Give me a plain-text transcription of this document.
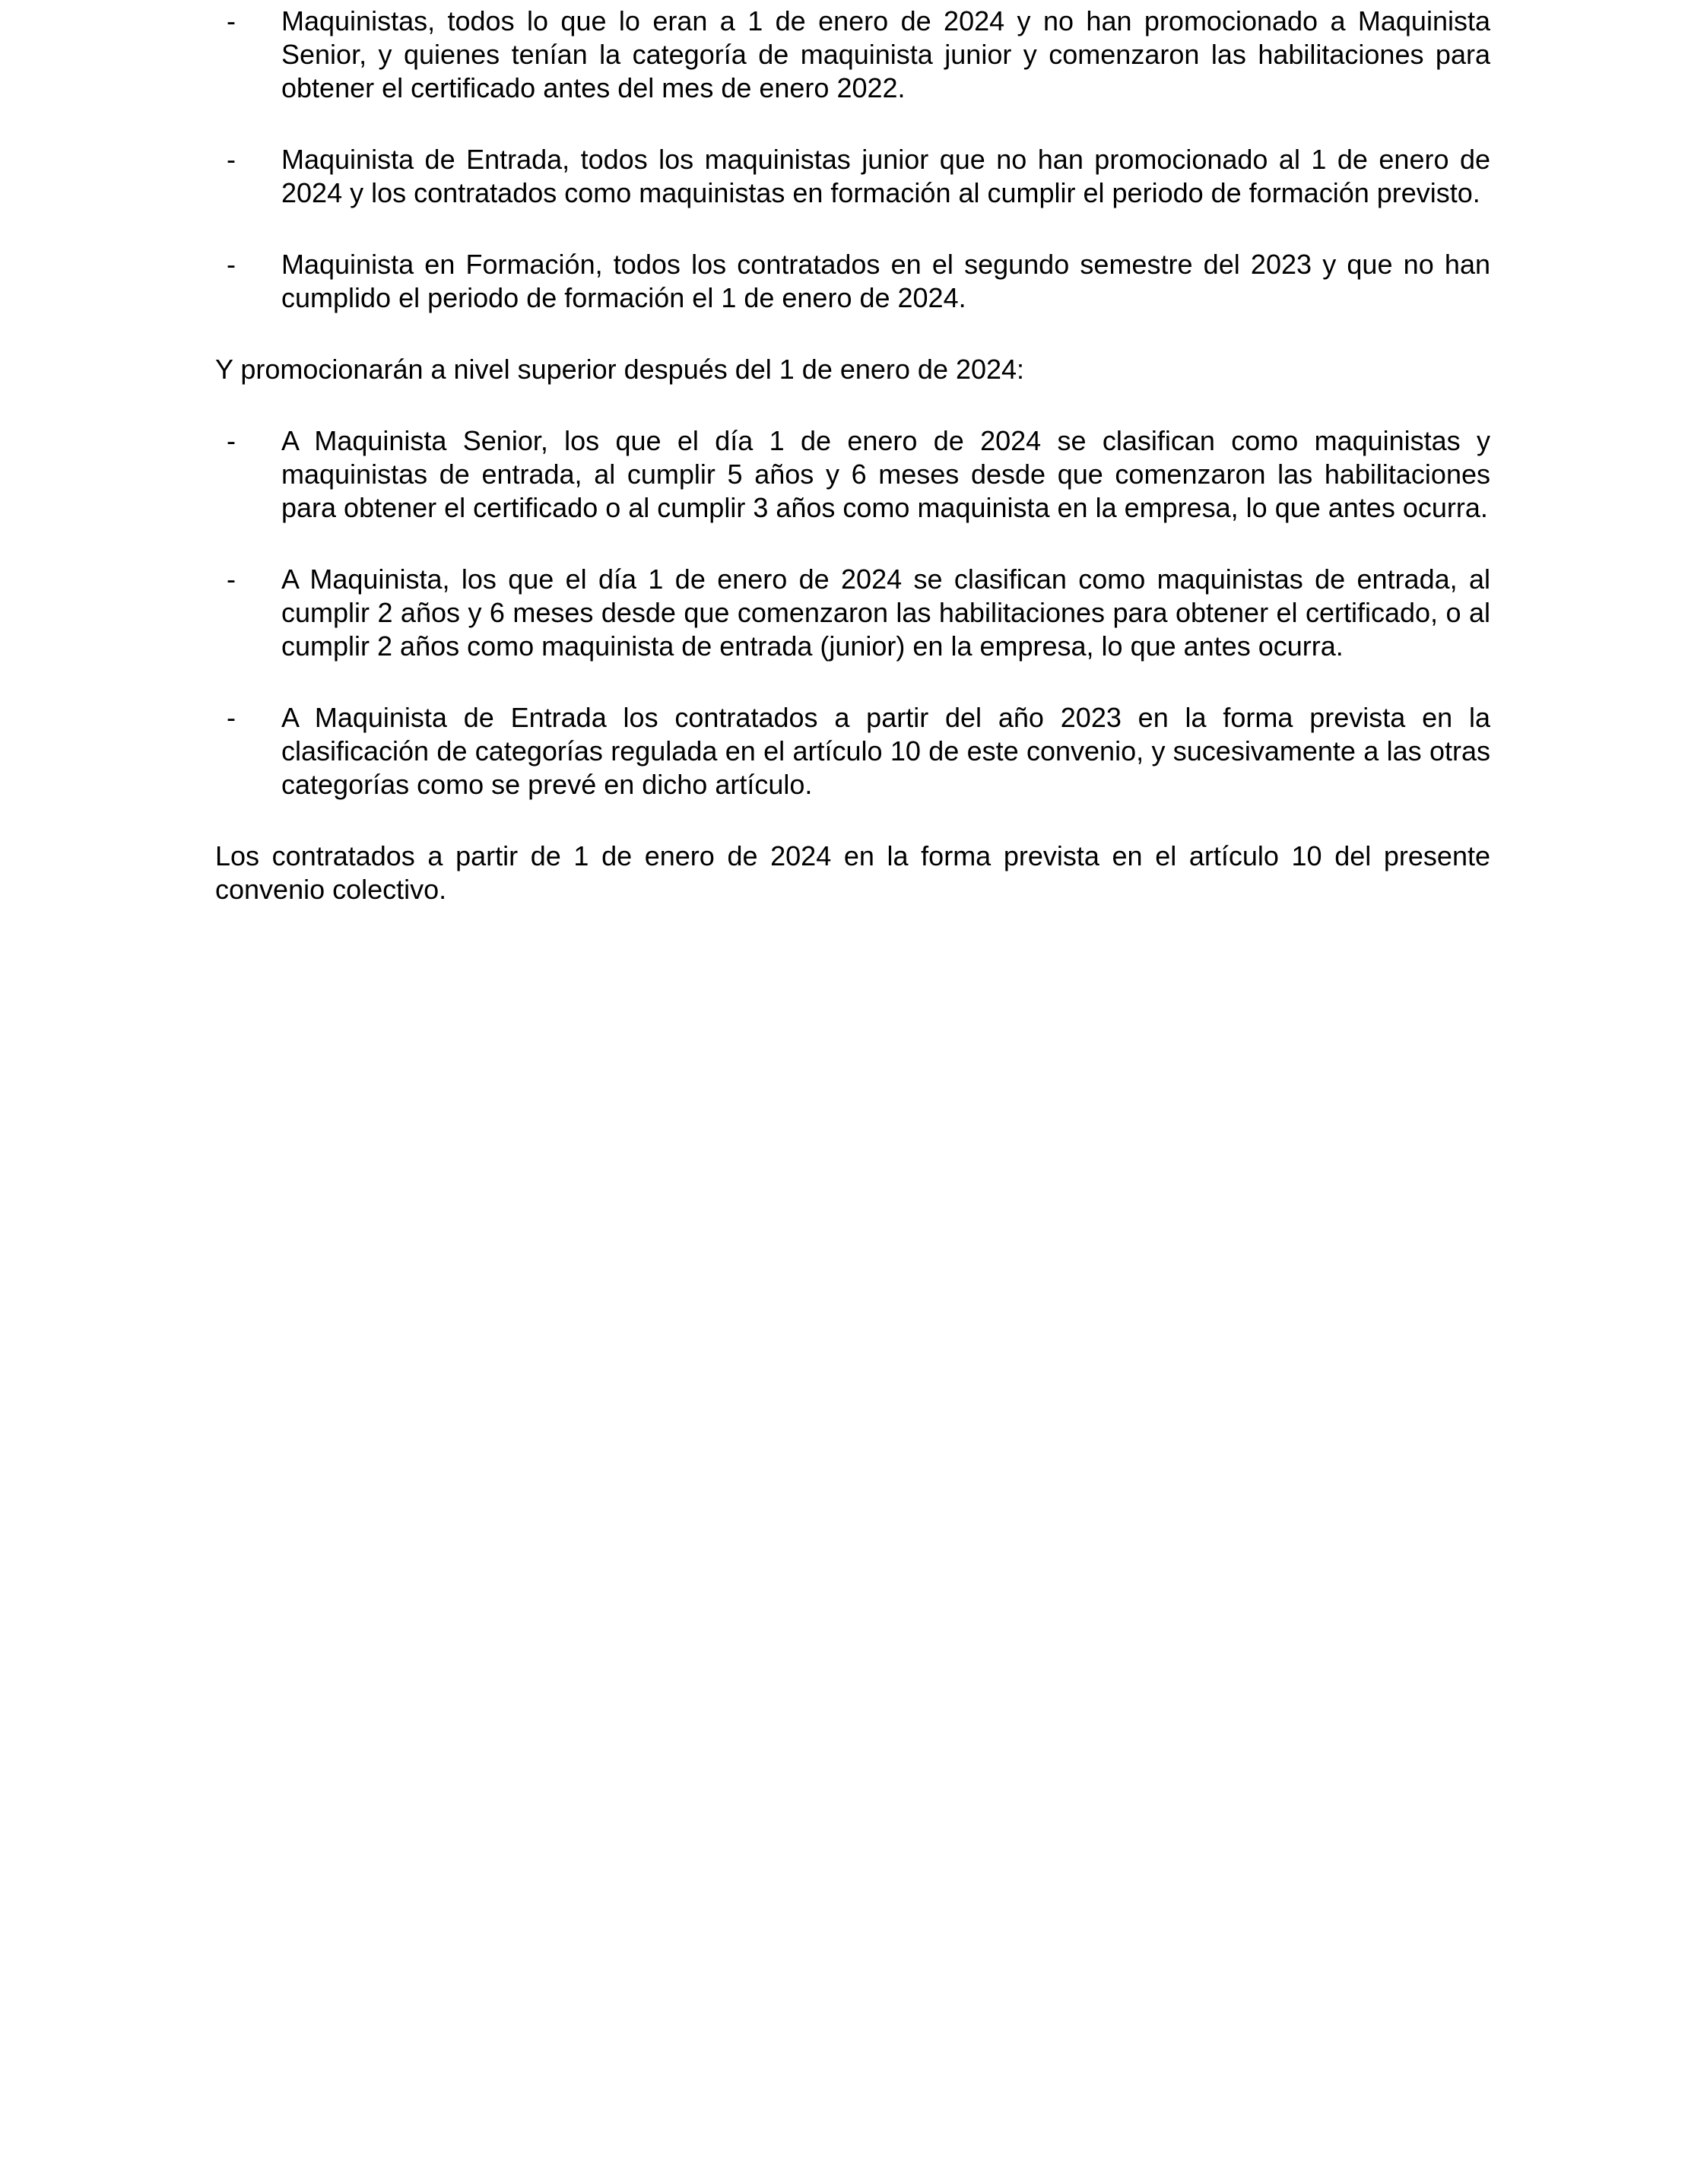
-	Maquinistas, todos lo que lo eran a 1 de enero de 2024 y no han promocionado a Maquinista Senior, y quienes tenían la categoría de maquinista junior y comenzaron las habilitaciones para obtener el certificado antes del mes de enero 2022.

-	Maquinista de Entrada, todos los maquinistas junior que no han promocionado al 1 de enero de 2024 y los contratados como maquinistas en formación al cumplir el periodo de formación previsto.

-	Maquinista en Formación, todos los contratados en el segundo semestre del 2023 y que no han cumplido el periodo de formación el 1 de enero de 2024.

Y promocionarán a nivel superior después del 1 de enero de 2024:

-	A Maquinista Senior, los que el día 1 de enero de 2024 se clasifican como maquinistas y maquinistas de entrada, al cumplir 5 años y 6 meses desde que comenzaron las habilitaciones para obtener el certificado o al cumplir 3 años como maquinista en la empresa, lo que antes ocurra.

-	A Maquinista, los que el día 1 de enero de 2024 se clasifican como maquinistas de entrada, al cumplir 2 años y 6 meses desde que comenzaron las habilitaciones para obtener el certificado, o al cumplir 2 años como maquinista de entrada (junior) en la empresa, lo que antes ocurra.

-	A Maquinista de Entrada los contratados a partir del año 2023 en la forma prevista en la clasificación de categorías regulada en el artículo 10 de este convenio, y sucesivamente a las otras categorías como se prevé en dicho artículo.

Los contratados a partir de 1 de enero de 2024 en la forma prevista en el artículo 10 del presente convenio colectivo.
